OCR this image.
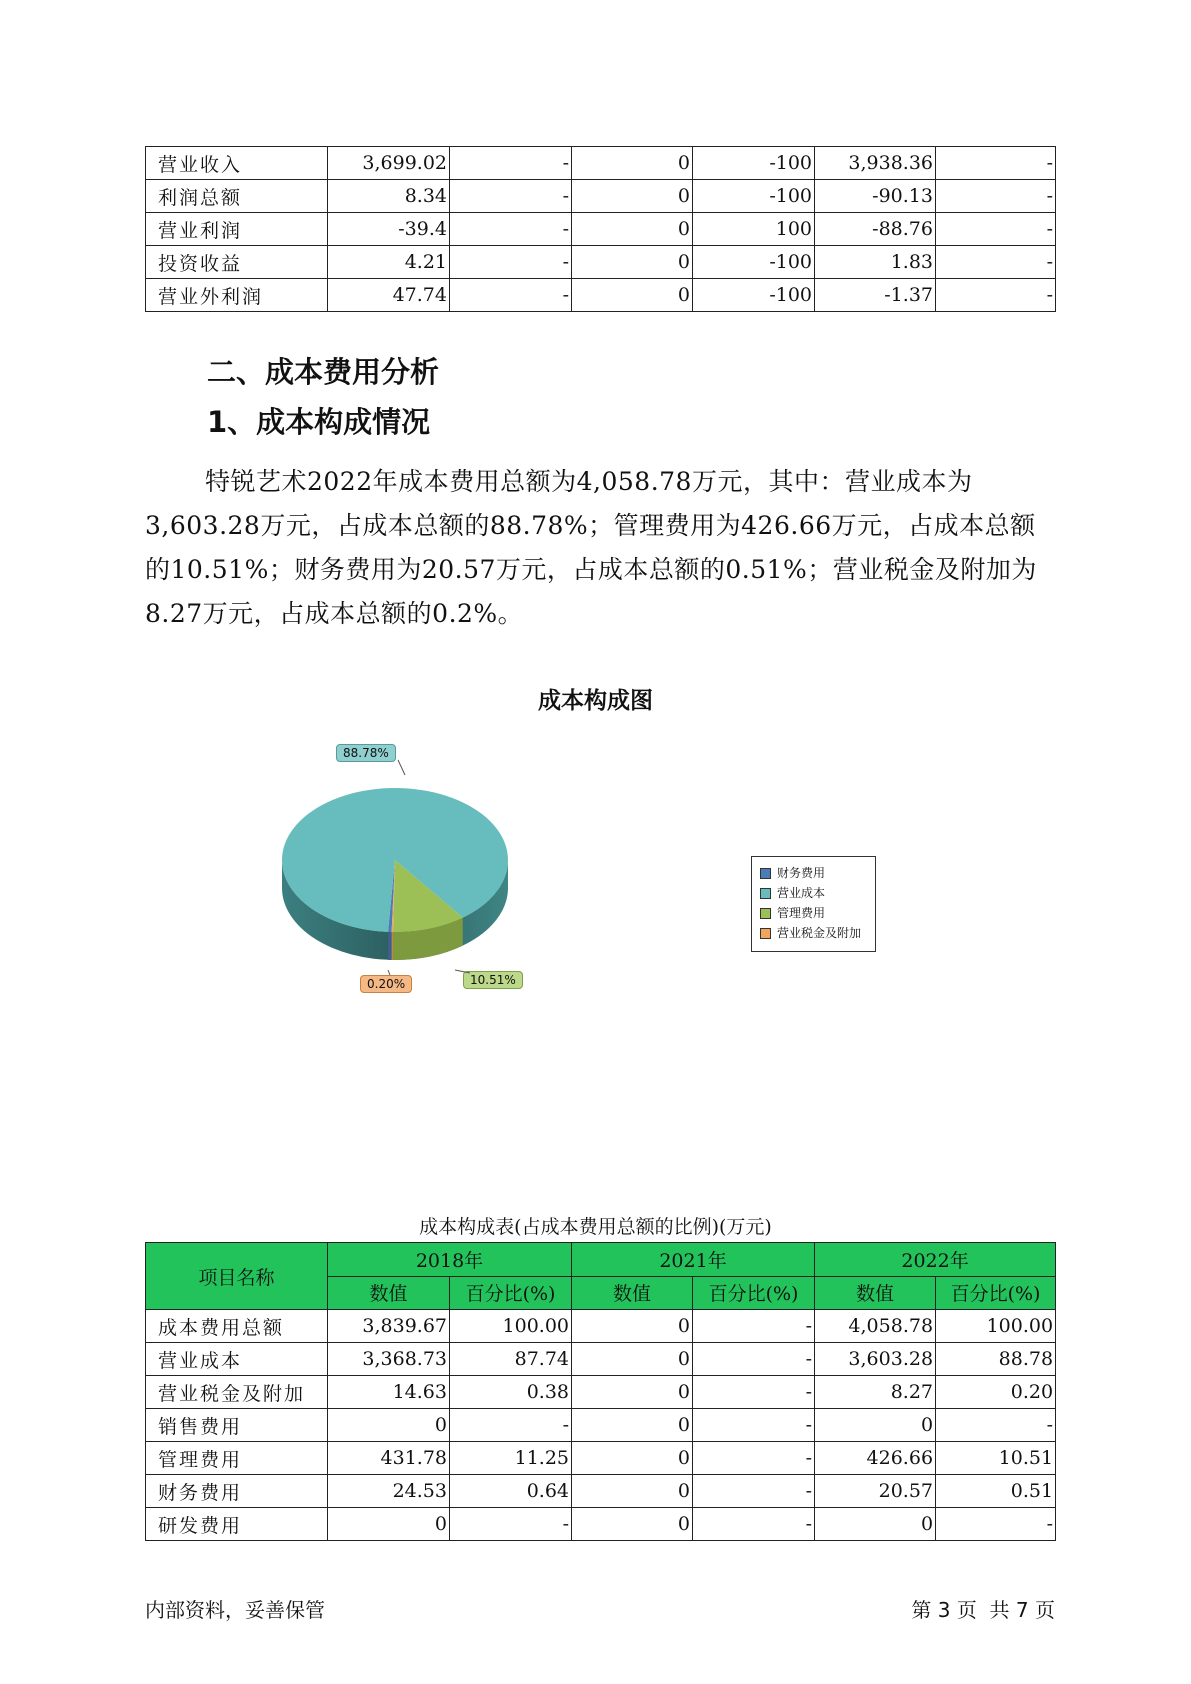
营业收入	3,699.02	-	0	-100	3,938.36	-
利润总额	8.34	-	0	-100	-90.13	-
营业利润	-39.4	-	0	100	-88.76	-
投资收益	4.21	-	0	-100	1.83	-
营业外利润	47.74	-	0	-100	-1.37	-
二、成本费用分析
1、成本构成情况
特锐艺术2022年成本费用总额为4,058.78万元，其中：营业成本为3,603.28万元，占成本总额的88.78%；管理费用为426.66万元，占成本总额的10.51%；财务费用为20.57万元，占成本总额的0.51%；营业税金及附加为8.27万元，占成本总额的0.2%。
成本构成图
88.78%
10.51%
0.20%
财务费用
营业成本
管理费用
营业税金及附加
成本构成表(占成本费用总额的比例)(万元)
项目名称	2018年		2021年		2022年	
	数值	百分比(%)	数值	百分比(%)	数值	百分比(%)
成本费用总额	3,839.67	100.00	0	-	4,058.78	100.00
营业成本	3,368.73	87.74	0	-	3,603.28	88.78
营业税金及附加	14.63	0.38	0	-	8.27	0.20
销售费用	0	-	0	-	0	-
管理费用	431.78	11.25	0	-	426.66	10.51
财务费用	24.53	0.64	0	-	20.57	0.51
研发费用	0	-	0	-	0	-
内部资料，妥善保管	第 3 页  共 7 页
